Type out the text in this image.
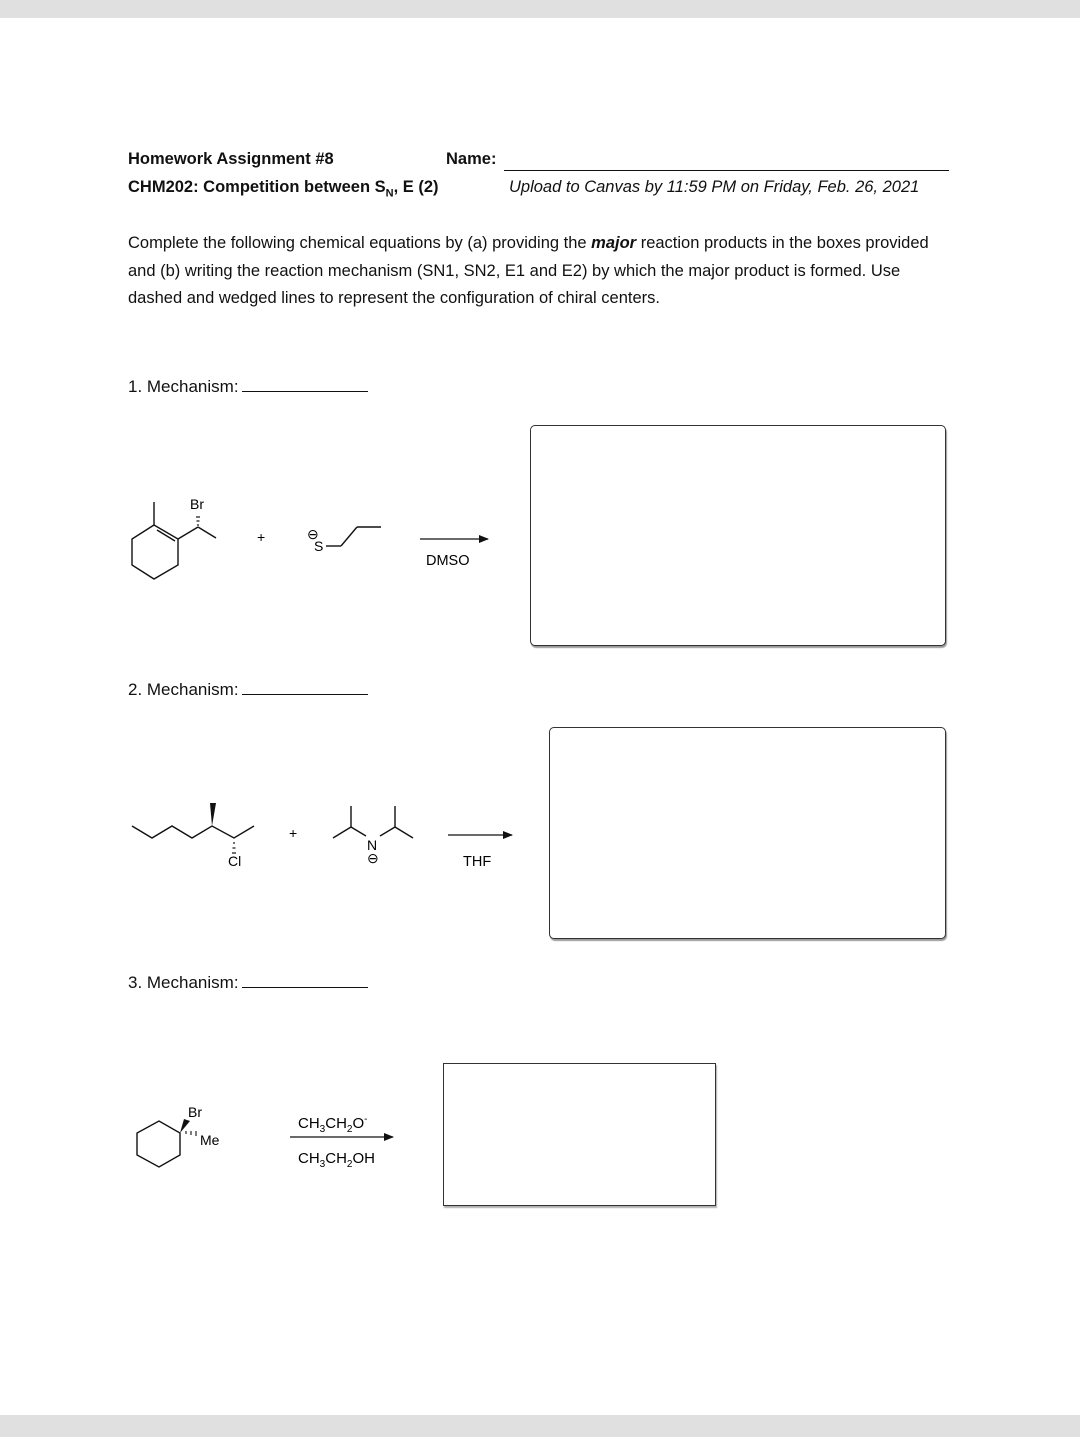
Homework Assignment #8	Name:
CHM202: Competition between $S_N$, E (2)	Upload to Canvas by 11:59 PM on Friday, Feb. 26, 2021
Complete the following chemical equations by (a) providing the major reaction products in the boxes provided and (b) writing the reaction mechanism (SN1, SN2, E1 and E2) by which the major product is formed. Use dashed and wedged lines to represent the configuration of chiral centers.
1. Mechanism:
2. Mechanism:
3. Mechanism:
Br
+
S
⊖
DMSO
Cl
+
N
⊖	THF
Br
Me
$CH_3CH_2O^-$
$CH_3CH_2OH$
